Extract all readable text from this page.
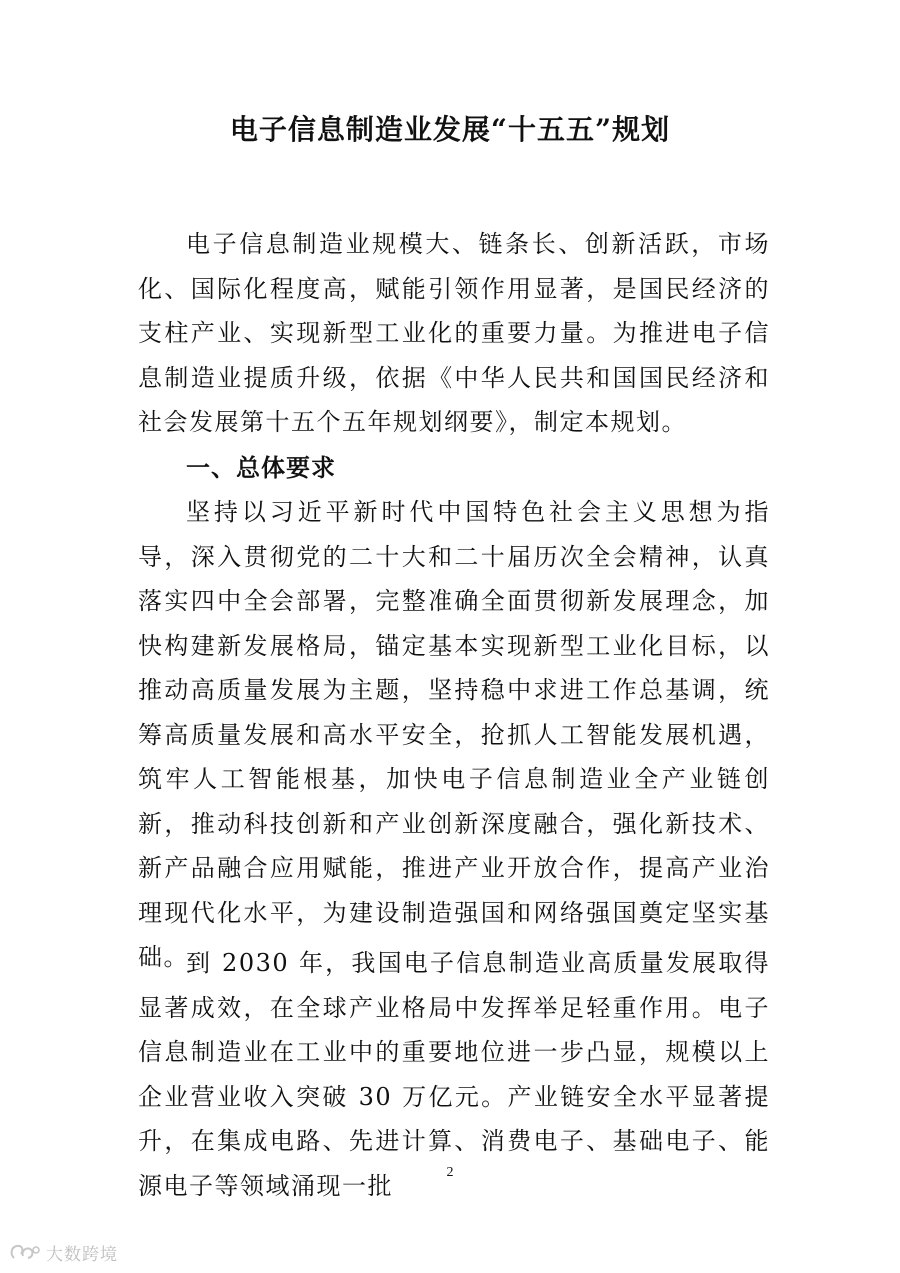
电子信息制造业发展“十五五”规划
电子信息制造业规模大、链条长、创新活跃，市场化、国际化程度高，赋能引领作用显著，是国民经济的支柱产业、实现新型工业化的重要力量。为推进电子信息制造业提质升级，依据《中华人民共和国国民经济和社会发展第十五个五年规划纲要》，制定本规划。
一、总体要求
坚持以习近平新时代中国特色社会主义思想为指导，深入贯彻党的二十大和二十届历次全会精神，认真落实四中全会部署，完整准确全面贯彻新发展理念，加快构建新发展格局，锚定基本实现新型工业化目标，以推动高质量发展为主题，坚持稳中求进工作总基调，统筹高质量发展和高水平安全，抢抓人工智能发展机遇，筑牢人工智能根基，加快电子信息制造业全产业链创新，推动科技创新和产业创新深度融合，强化新技术、新产品融合应用赋能，推进产业开放合作，提高产业治理现代化水平，为建设制造强国和网络强国奠定坚实基础。
到 2030 年，我国电子信息制造业高质量发展取得显著成效，在全球产业格局中发挥举足轻重作用。电子信息制造业在工业中的重要地位进一步凸显，规模以上企业营业收入突破 30 万亿元。产业链安全水平显著提升，在集成电路、先进计算、消费电子、基础电子、能源电子等领域涌现一批	2
大数跨境
